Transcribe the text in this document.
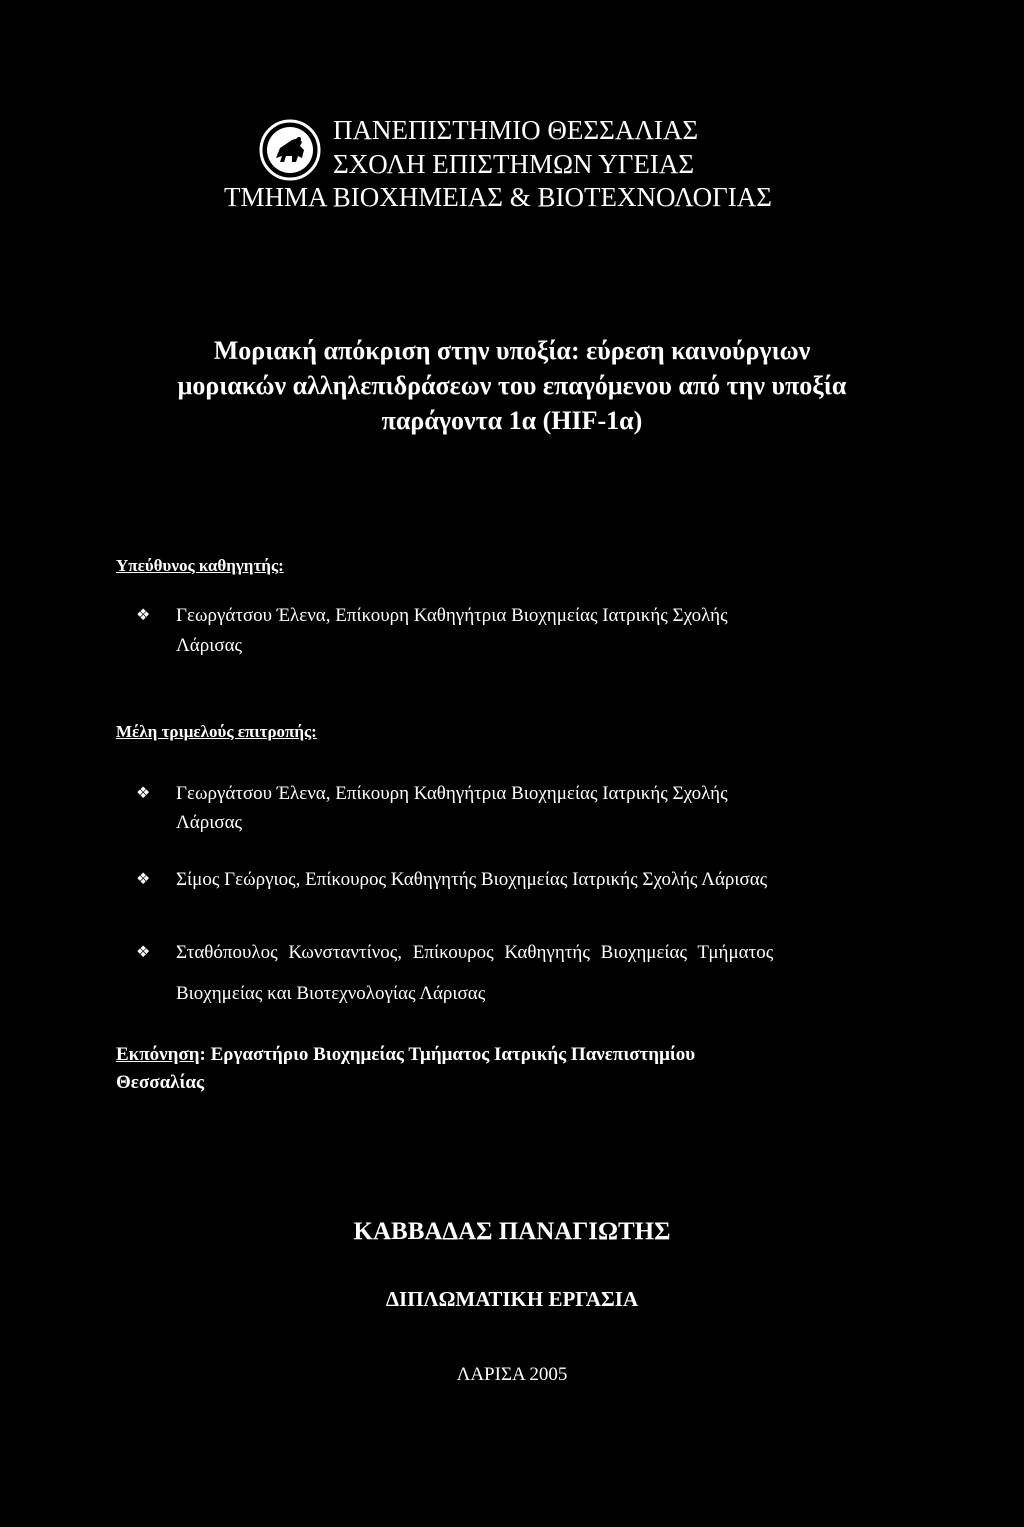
ΠΑΝΕΠΙΣΤΗΜΙΟ ΘΕΣΣΑΛΙΑΣ
ΣΧΟΛΗ ΕΠΙΣΤΗΜΩΝ ΥΓΕΙΑΣ
ΤΜΗΜΑ ΒΙΟΧΗΜΕΙΑΣ & ΒΙΟΤΕΧΝΟΛΟΓΙΑΣ
Μοριακή απόκριση στην υποξία: εύρεση καινούργιων
μοριακών αλληλεπιδράσεων του επαγόμενου από την υποξία
παράγοντα 1α (HIF-1α)
Υπεύθυνος καθηγητής:
❖ Γεωργάτσου Έλενα, Επίκουρη Καθηγήτρια Βιοχημείας Ιατρικής Σχολής
Λάρισας
Μέλη τριμελούς επιτροπής:
❖ Γεωργάτσου Έλενα, Επίκουρη Καθηγήτρια Βιοχημείας Ιατρικής Σχολής
Λάρισας
❖ Σίμος Γεώργιος, Επίκουρος Καθηγητής Βιοχημείας Ιατρικής Σχολής Λάρισας
❖ Σταθόπουλος Κωνσταντίνος, Επίκουρος Καθηγητής Βιοχημείας Τμήματος
Βιοχημείας και Βιοτεχνολογίας Λάρισας
Εκπόνηση: Εργαστήριο Βιοχημείας Τμήματος Ιατρικής Πανεπιστημίου
Θεσσαλίας
ΚΑΒΒΑΔΑΣ ΠΑΝΑΓΙΩΤΗΣ
ΔΙΠΛΩΜΑΤΙΚΗ ΕΡΓΑΣΙΑ
ΛΑΡΙΣΑ 2005
